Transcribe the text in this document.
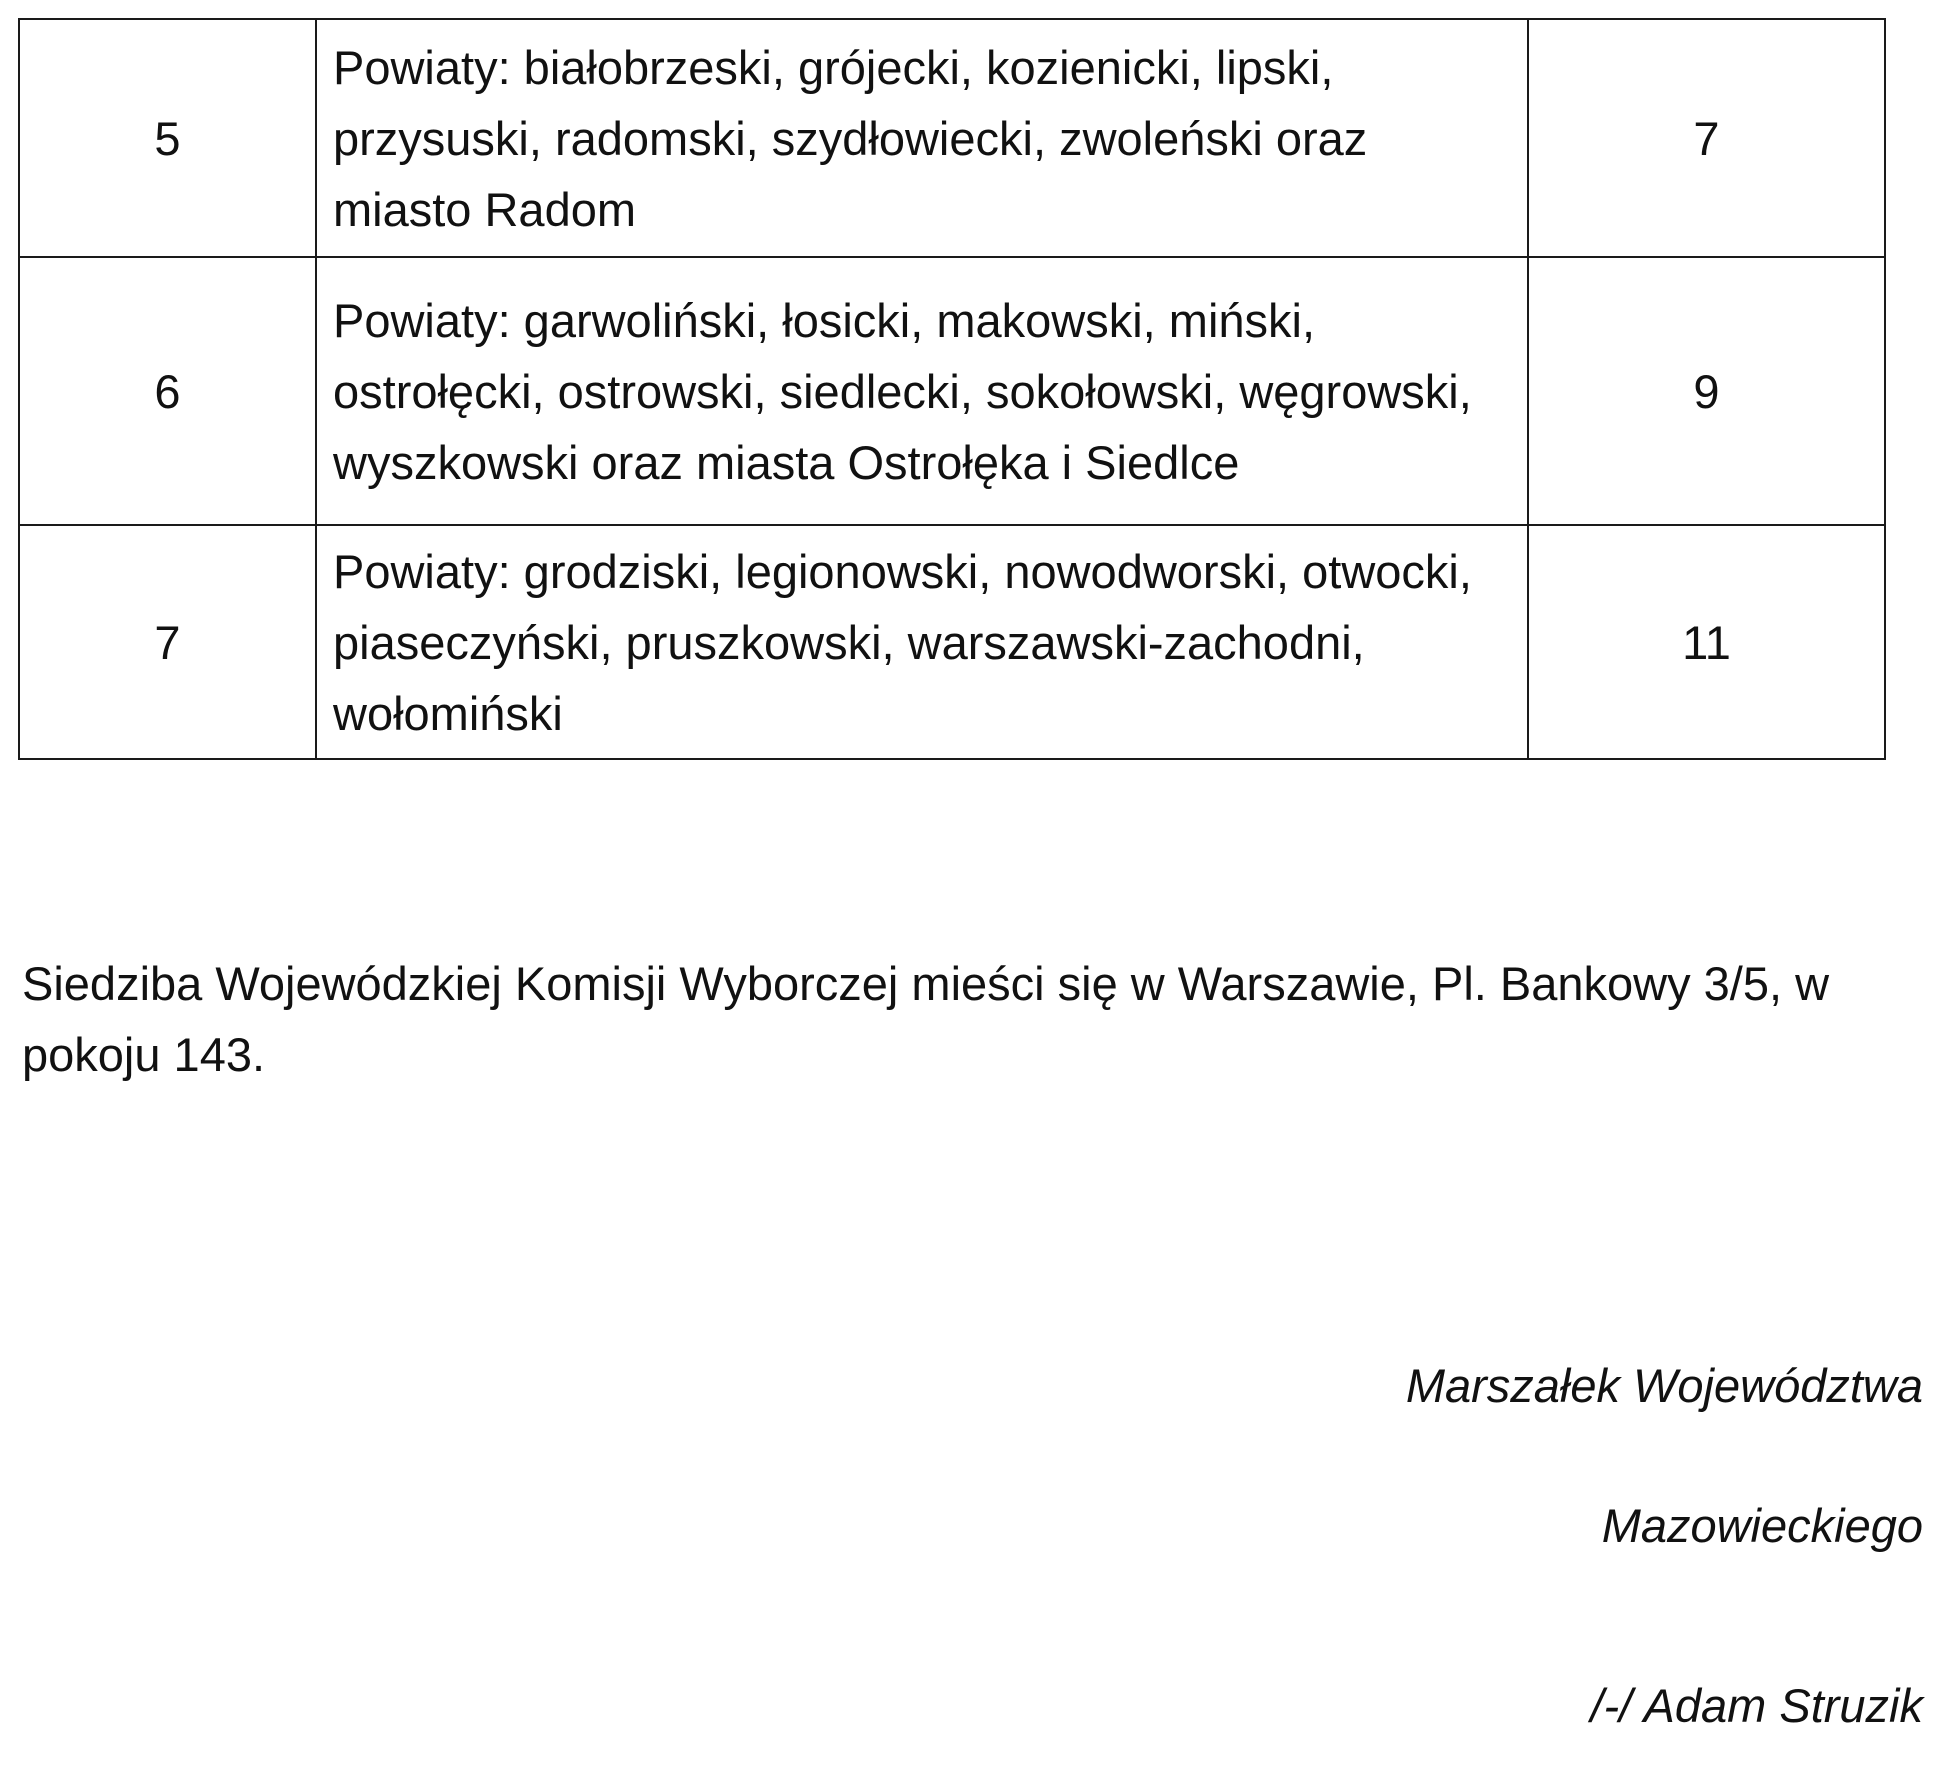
5	Powiaty: białobrzeski, grójecki, kozienicki, lipski, przysuski, radomski, szydłowiecki, zwoleński oraz miasto Radom	7
6	Powiaty: garwoliński, łosicki, makowski, miński, ostrołęcki, ostrowski, siedlecki, sokołowski, węgrowski, wyszkowski oraz miasta Ostrołęka i Siedlce	9
7	Powiaty: grodziski, legionowski, nowodworski, otwocki, piaseczyński, pruszkowski, warszawski-zachodni, wołomiński	11

Siedziba Wojewódzkiej Komisji Wyborczej mieści się w Warszawie, Pl. Bankowy 3/5, w pokoju 143.

Marszałek Województwa
Mazowieckiego
/-/ Adam Struzik
